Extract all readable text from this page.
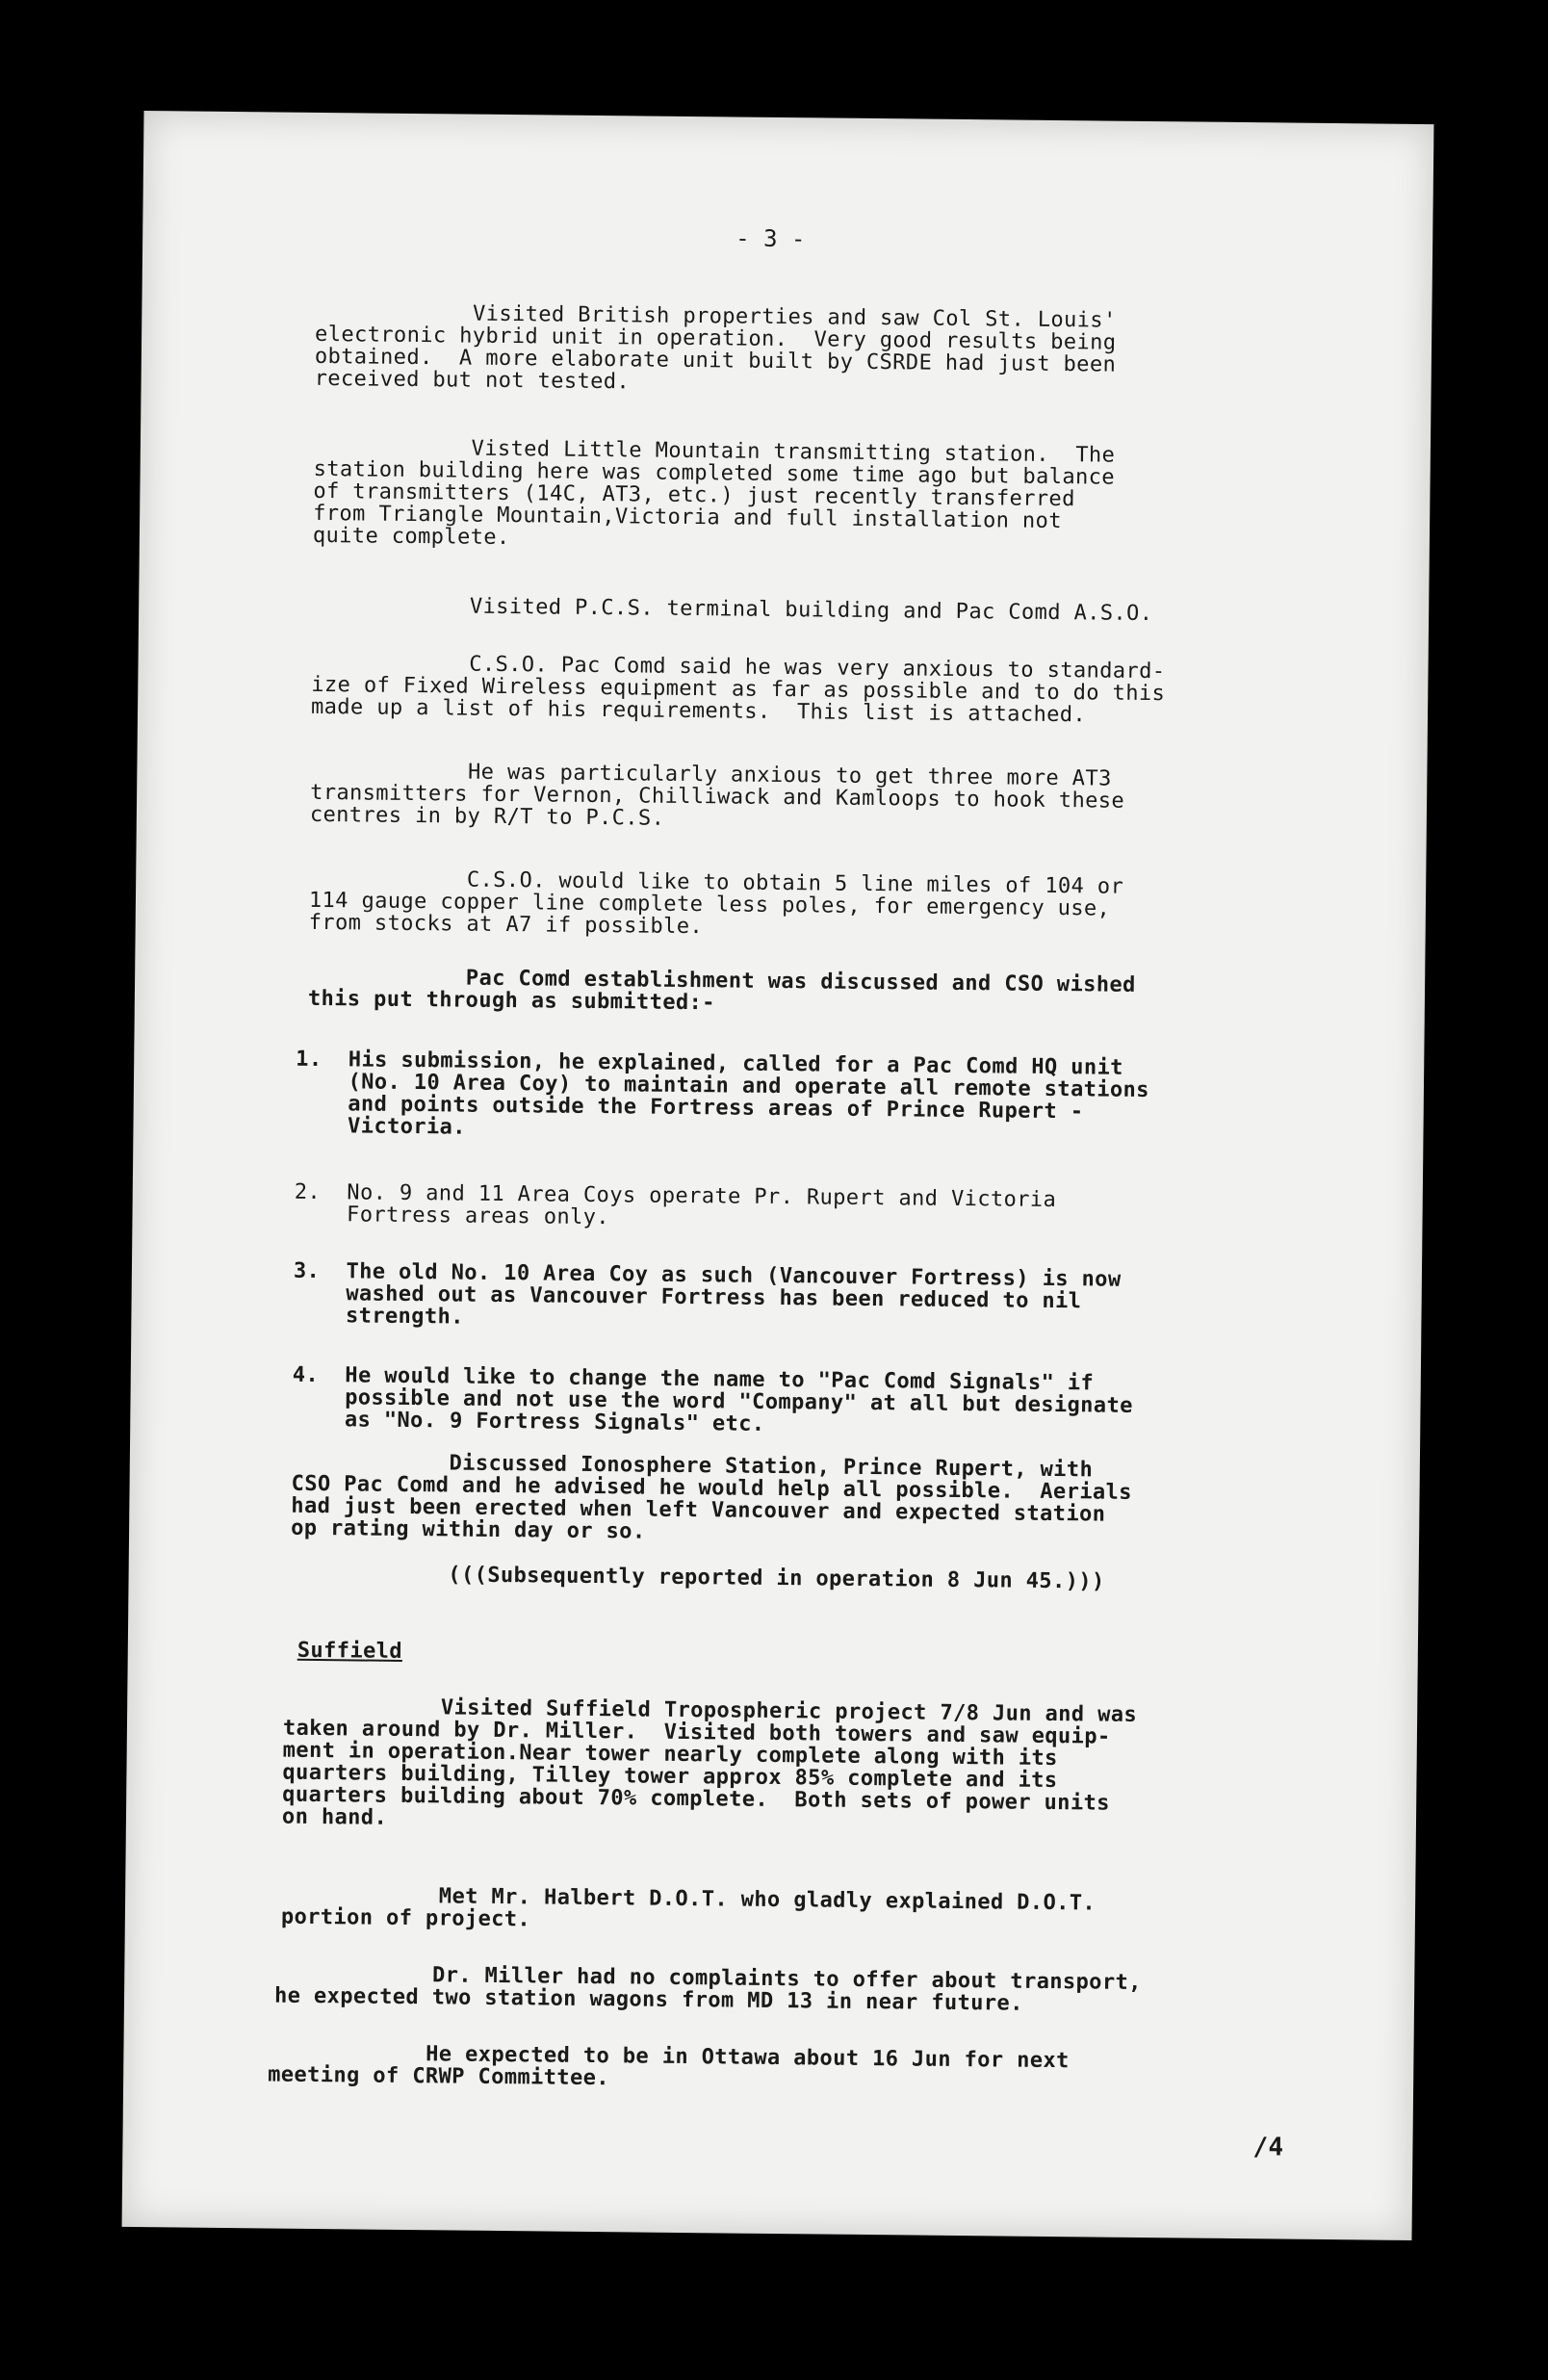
- 3 -
Visited British properties and saw Col St. Louis'
electronic hybrid unit in operation.  Very good results being
obtained.  A more elaborate unit built by CSRDE had just been
received but not tested.
Visted Little Mountain transmitting station.  The
station building here was completed some time ago but balance
of transmitters (14C, AT3, etc.) just recently transferred
from Triangle Mountain,Victoria and full installation not
quite complete.
Visited P.C.S. terminal building and Pac Comd A.S.O.
C.S.O. Pac Comd said he was very anxious to standard-
ize of Fixed Wireless equipment as far as possible and to do this
made up a list of his requirements.  This list is attached.
He was particularly anxious to get three more AT3
transmitters for Vernon, Chilliwack and Kamloops to hook these
centres in by R/T to P.C.S.
C.S.O. would like to obtain 5 line miles of 104 or
114 gauge copper line complete less poles, for emergency use,
from stocks at A7 if possible.
Pac Comd establishment was discussed and CSO wished
this put through as submitted:-
1.  His submission, he explained, called for a Pac Comd HQ unit
(No. 10 Area Coy) to maintain and operate all remote stations
and points outside the Fortress areas of Prince Rupert -
Victoria.
2.  No. 9 and 11 Area Coys operate Pr. Rupert and Victoria
Fortress areas only.
3.  The old No. 10 Area Coy as such (Vancouver Fortress) is now
washed out as Vancouver Fortress has been reduced to nil
strength.
4.  He would like to change the name to "Pac Comd Signals" if
possible and not use the word "Company" at all but designate
as "No. 9 Fortress Signals" etc.
Discussed Ionosphere Station, Prince Rupert, with
CSO Pac Comd and he advised he would help all possible.  Aerials
had just been erected when left Vancouver and expected station
op rating within day or so.
(((Subsequently reported in operation 8 Jun 45.)))
Suffield
Visited Suffield Tropospheric project 7/8 Jun and was
taken around by Dr. Miller.  Visited both towers and saw equip-
ment in operation.Near tower nearly complete along with its
quarters building, Tilley tower approx 85% complete and its
quarters building about 70% complete.  Both sets of power units
on hand.
Met Mr. Halbert D.O.T. who gladly explained D.O.T.
portion of project.
Dr. Miller had no complaints to offer about transport,
he expected two station wagons from MD 13 in near future.
He expected to be in Ottawa about 16 Jun for next
meeting of CRWP Committee.
/4
